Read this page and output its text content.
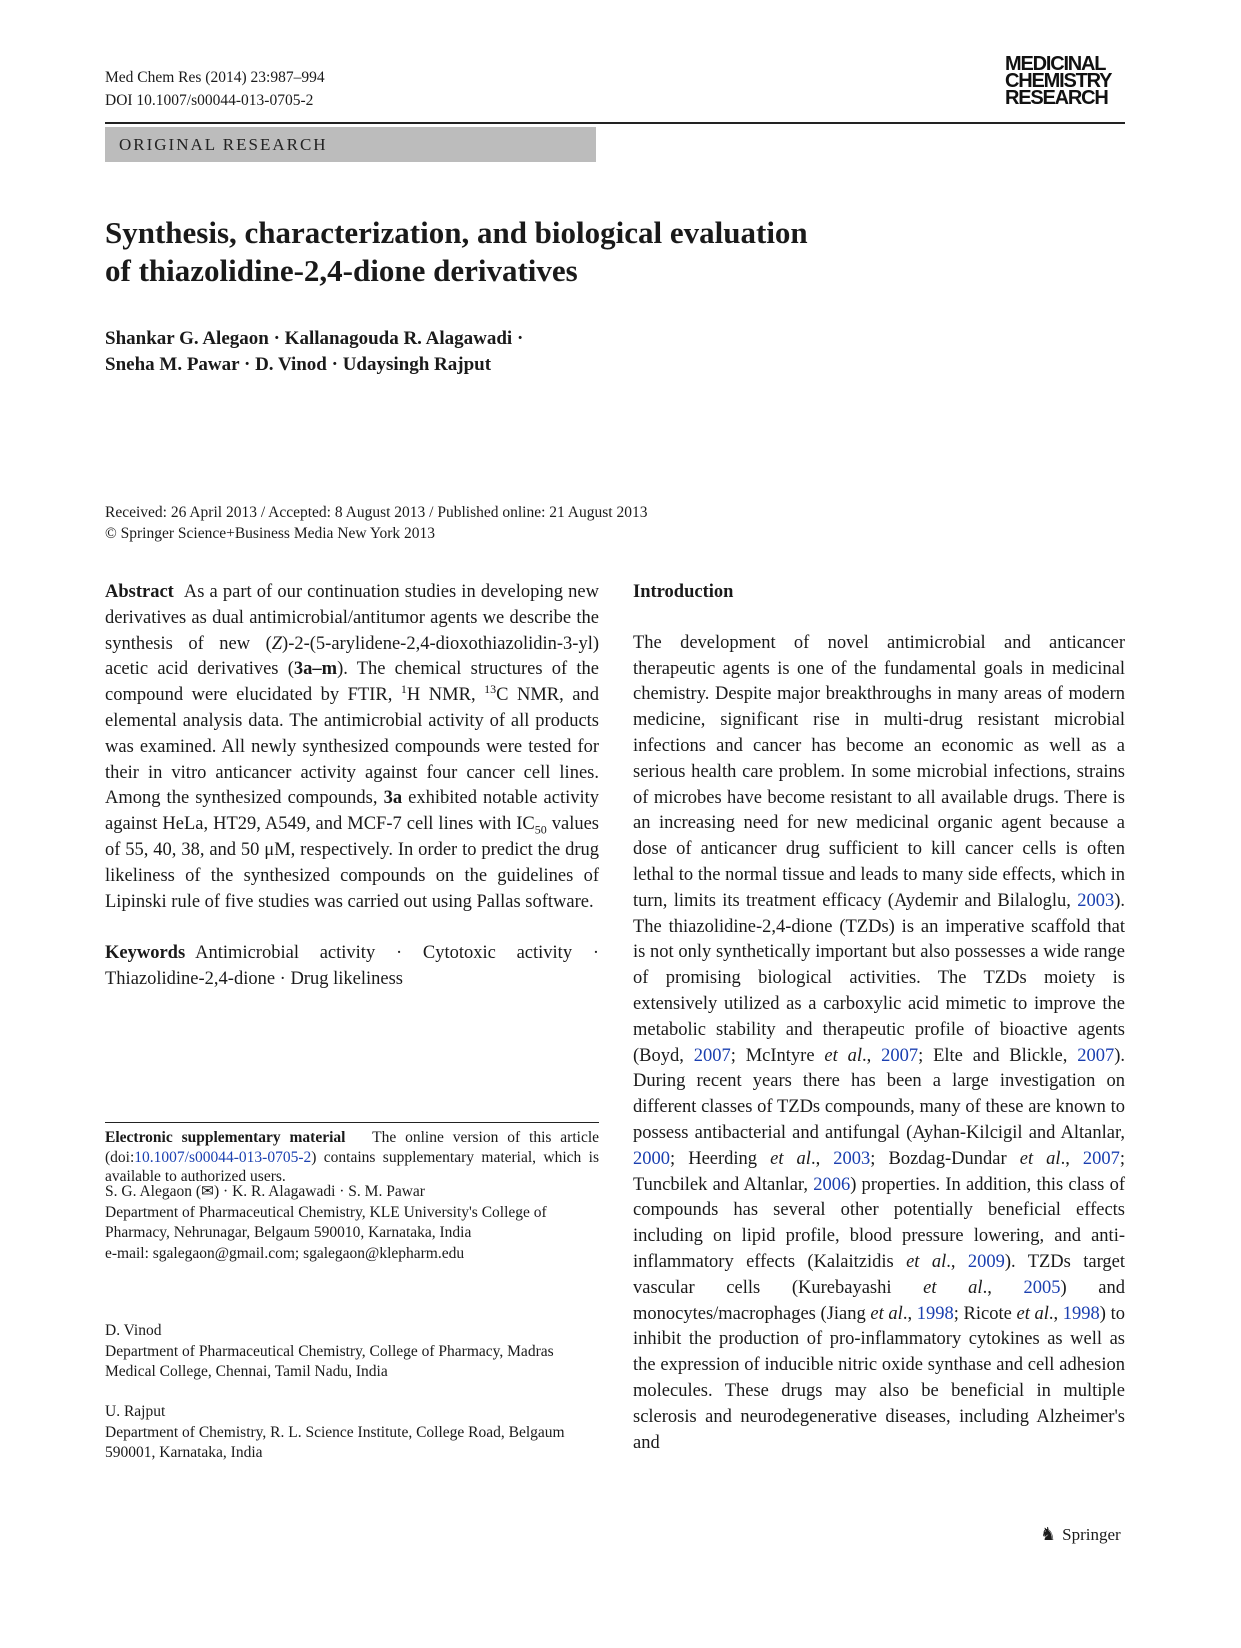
Med Chem Res (2014) 23:987–994
DOI 10.1007/s00044-013-0705-2
MEDICINAL
CHEMISTRY
RESEARCH
ORIGINAL RESEARCH
Synthesis, characterization, and biological evaluation
of thiazolidine-2,4-dione derivatives
Shankar G. Alegaon · Kallanagouda R. Alagawadi ·
Sneha M. Pawar · D. Vinod · Udaysingh Rajput
Received: 26 April 2013 / Accepted: 8 August 2013 / Published online: 21 August 2013
© Springer Science+Business Media New York 2013

Abstract As a part of our continuation studies in developing new derivatives as dual antimicrobial/antitumor agents we describe the synthesis of new (Z)-2-(5-arylidene-2,4-dioxothiazolidin-3-yl) acetic acid derivatives (3a–m). The chemical structures of the compound were elucidated by FTIR, $^1$H NMR, $^{13}$C NMR, and elemental analysis data. The antimicrobial activity of all products was examined. All newly synthesized compounds were tested for their in vitro anticancer activity against four cancer cell lines. Among the synthesized compounds, 3a exhibited notable activity against HeLa, HT29, A549, and MCF-7 cell lines with $IC_{50}$ values of 55, 40, 38, and 50 μM, respectively. In order to predict the drug likeliness of the synthesized compounds on the guidelines of Lipinski rule of five studies was carried out using Pallas software.

Keywords Antimicrobial activity · Cytotoxic activity · Thiazolidine-2,4-dione · Drug likeliness

Electronic supplementary material The online version of this article (doi:10.1007/s00044-013-0705-2) contains supplementary material, which is available to authorized users.
S. G. Alegaon (✉) · K. R. Alagawadi · S. M. Pawar
Department of Pharmaceutical Chemistry, KLE University's College of Pharmacy, Nehrunagar, Belgaum 590010, Karnataka, India
e-mail: sgalegaon@gmail.com; sgalegaon@klepharm.edu
D. Vinod
Department of Pharmaceutical Chemistry, College of Pharmacy, Madras Medical College, Chennai, Tamil Nadu, India
U. Rajput
Department of Chemistry, R. L. Science Institute, College Road, Belgaum 590001, Karnataka, India
Introduction

The development of novel antimicrobial and anticancer therapeutic agents is one of the fundamental goals in medicinal chemistry. Despite major breakthroughs in many areas of modern medicine, significant rise in multi-drug resistant microbial infections and cancer has become an economic as well as a serious health care problem. In some microbial infections, strains of microbes have become resistant to all available drugs. There is an increasing need for new medicinal organic agent because a dose of anticancer drug sufficient to kill cancer cells is often lethal to the normal tissue and leads to many side effects, which in turn, limits its treatment efficacy (Aydemir and Bilaloglu, 2003). The thiazolidine-2,4-dione (TZDs) is an imperative scaffold that is not only synthetically important but also possesses a wide range of promising biological activities. The TZDs moiety is extensively utilized as a carboxylic acid mimetic to improve the metabolic stability and therapeutic profile of bioactive agents (Boyd, 2007; McIntyre et al., 2007; Elte and Blickle, 2007). During recent years there has been a large investigation on different classes of TZDs compounds, many of these are known to possess antibacterial and antifungal (Ayhan-Kilcigil and Altanlar, 2000; Heerding et al., 2003; Bozdag-Dundar et al., 2007; Tuncbilek and Altanlar, 2006) properties. In addition, this class of compounds has several other potentially beneficial effects including on lipid profile, blood pressure lowering, and anti-inflammatory effects (Kalaitzidis et al., 2009). TZDs target vascular cells (Kurebayashi et al., 2005) and monocytes/macrophages (Jiang et al., 1998; Ricote et al., 1998) to inhibit the production of pro-inflammatory cytokines as well as the expression of inducible nitric oxide synthase and cell adhesion molecules. These drugs may also be beneficial in multiple sclerosis and neurodegenerative diseases, including Alzheimer's and

♞ Springer
